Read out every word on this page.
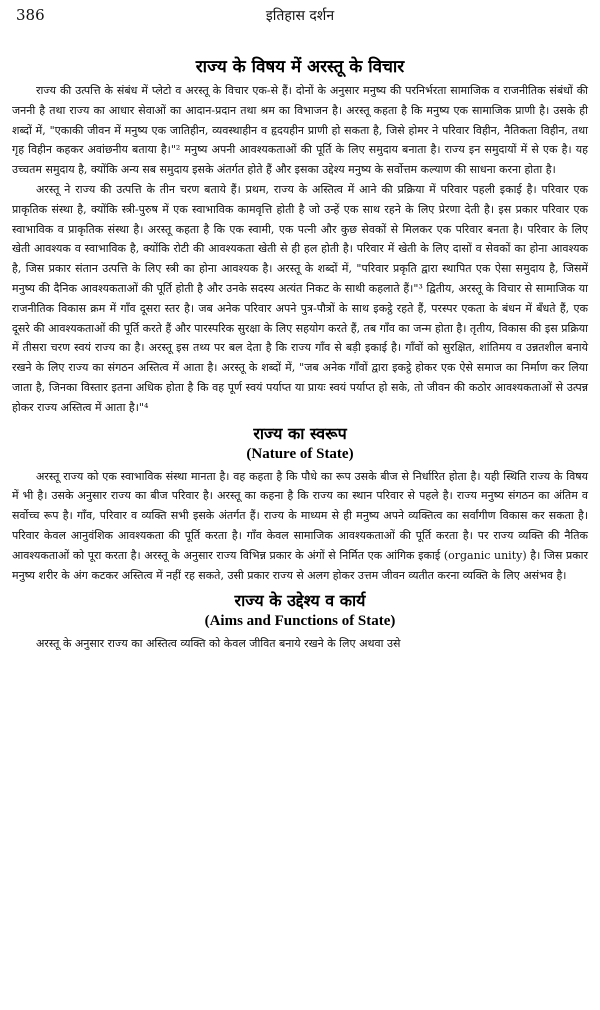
386	इतिहास दर्शन
राज्य के विषय में अरस्तू के विचार

राज्य की उत्पत्ति के संबंध में प्लेटो व अरस्तू के विचार एक-से हैं। दोनों के अनुसार मनुष्य की परनिर्भरता सामाजिक व राजनीतिक संबंधों की जननी है तथा राज्य का आधार सेवाओं का आदान-प्रदान तथा श्रम का विभाजन है। अरस्तू कहता है कि मनुष्य एक सामाजिक प्राणी है। उसके ही शब्दों में, "एकाकी जीवन में मनुष्य एक जातिहीन, व्यवस्थाहीन व हृदयहीन प्राणी हो सकता है, जिसे होमर ने परिवार विहीन, नैतिकता विहीन, तथा गृह विहीन कहकर अवांछनीय बताया है।"² मनुष्य अपनी आवश्यकताओं की पूर्ति के लिए समुदाय बनाता है। राज्य इन समुदायों में से एक है। यह उच्चतम समुदाय है, क्योंकि अन्य सब समुदाय इसके अंतर्गत होते हैं और इसका उद्देश्य मनुष्य के सर्वोत्तम कल्याण की साधना करना होता है।

अरस्तू ने राज्य की उत्पत्ति के तीन चरण बताये हैं। प्रथम, राज्य के अस्तित्व में आने की प्रक्रिया में परिवार पहली इकाई है। परिवार एक प्राकृतिक संस्था है, क्योंकि स्त्री-पुरुष में एक स्वाभाविक कामवृत्ति होती है जो उन्हें एक साथ रहने के लिए प्रेरणा देती है। इस प्रकार परिवार एक स्वाभाविक व प्राकृतिक संस्था है। अरस्तू कहता है कि एक स्वामी, एक पत्नी और कुछ सेवकों से मिलकर एक परिवार बनता है। परिवार के लिए खेती आवश्यक व स्वाभाविक है, क्योंकि रोटी की आवश्यकता खेती से ही हल होती है। परिवार में खेती के लिए दासों व सेवकों का होना आवश्यक है, जिस प्रकार संतान उत्पत्ति के लिए स्त्री का होना आवश्यक है। अरस्तू के शब्दों में, "परिवार प्रकृति द्वारा स्थापित एक ऐसा समुदाय है, जिसमें मनुष्य की दैनिक आवश्यकताओं की पूर्ति होती है और उनके सदस्य अत्यंत निकट के साथी कहलाते हैं।"³ द्वितीय, अरस्तू के विचार से सामाजिक या राजनीतिक विकास क्रम में गाँव दूसरा स्तर है। जब अनेक परिवार अपने पुत्र-पौत्रों के साथ इकट्ठे रहते हैं, परस्पर एकता के बंधन में बँधते हैं, एक दूसरे की आवश्यकताओं की पूर्ति करते हैं और पारस्परिक सुरक्षा के लिए सहयोग करते हैं, तब गाँव का जन्म होता है। तृतीय, विकास की इस प्रक्रिया में तीसरा चरण स्वयं राज्य का है। अरस्तू इस तथ्य पर बल देता है कि राज्य गाँव से बड़ी इकाई है। गाँवों को सुरक्षित, शांतिमय व उन्नतशील बनाये रखने के लिए राज्य का संगठन अस्तित्व में आता है। अरस्तू के शब्दों में, "जब अनेक गाँवों द्वारा इकट्ठे होकर एक ऐसे समाज का निर्माण कर लिया जाता है, जिनका विस्तार इतना अधिक होता है कि वह पूर्ण स्वयं पर्याप्त या प्रायः स्वयं पर्याप्त हो सके, तो जीवन की कठोर आवश्यकताओं से उत्पन्न होकर राज्य अस्तित्व में आता है।"⁴

राज्य का स्वरूप
(Nature of State)

अरस्तू राज्य को एक स्वाभाविक संस्था मानता है। वह कहता है कि पौधे का रूप उसके बीज से निर्धारित होता है। यही स्थिति राज्य के विषय में भी है। उसके अनुसार राज्य का बीज परिवार है। अरस्तू का कहना है कि राज्य का स्थान परिवार से पहले है। राज्य मनुष्य संगठन का अंतिम व सर्वोच्च रूप है। गाँव, परिवार व व्यक्ति सभी इसके अंतर्गत हैं। राज्य के माध्यम से ही मनुष्य अपने व्यक्तित्व का सर्वांगीण विकास कर सकता है। परिवार केवल आनुवंशिक आवश्यकता की पूर्ति करता है। गाँव केवल सामाजिक आवश्यकताओं की पूर्ति करता है। पर राज्य व्यक्ति की नैतिक आवश्यकताओं को पूरा करता है। अरस्तू के अनुसार राज्य विभिन्न प्रकार के अंगों से निर्मित एक आंगिक इकाई (organic unity) है। जिस प्रकार मनुष्य शरीर के अंग कटकर अस्तित्व में नहीं रह सकते, उसी प्रकार राज्य से अलग होकर उत्तम जीवन व्यतीत करना व्यक्ति के लिए असंभव है।

राज्य के उद्देश्य व कार्य
(Aims and Functions of State)

अरस्तू के अनुसार राज्य का अस्तित्व व्यक्ति को केवल जीवित बनाये रखने के लिए अथवा उसे
